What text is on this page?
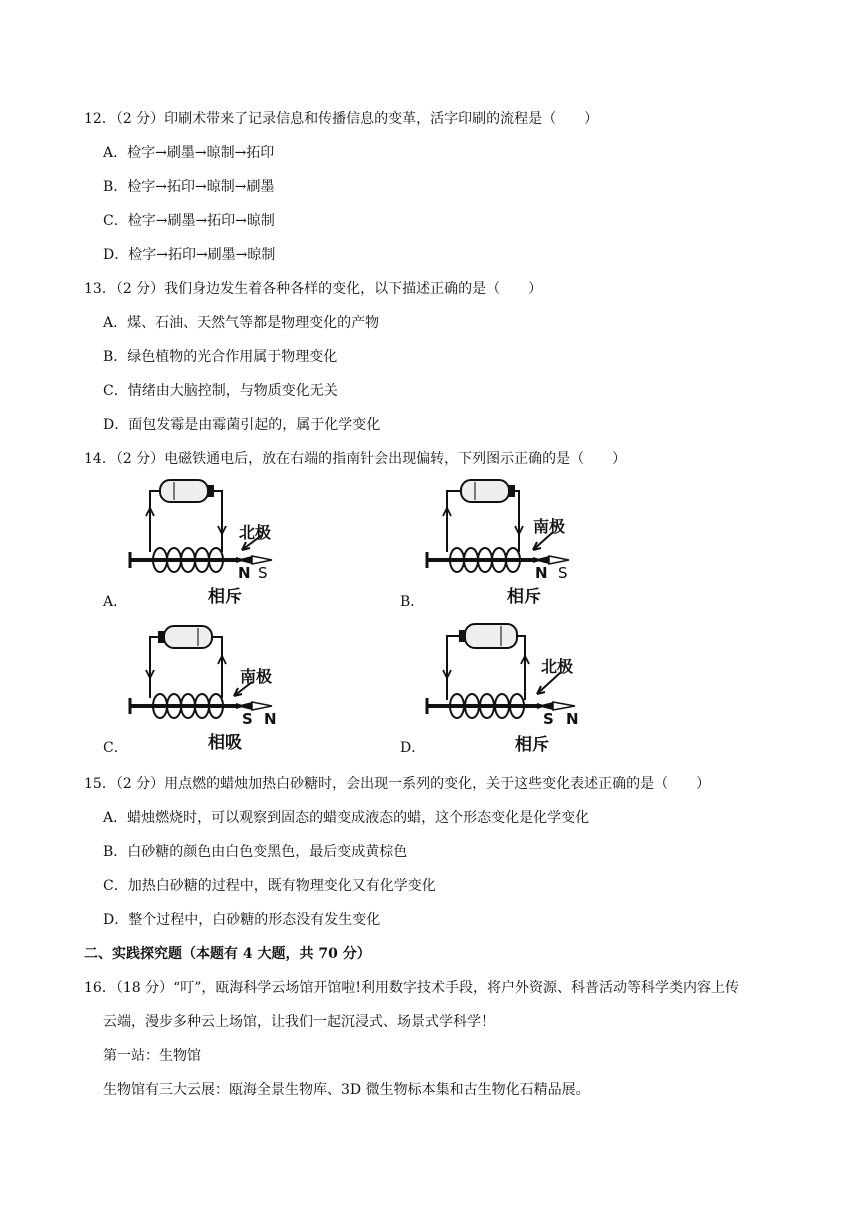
12．（2 分）印刷术带来了记录信息和传播信息的变革，活字印刷的流程是（　　）
A．检字→刷墨→晾制→拓印
B．检字→拓印→晾制→刷墨
C．检字→刷墨→拓印→晾制
D．检字→拓印→刷墨→晾制
13．（2 分）我们身边发生着各种各样的变化，以下描述正确的是（　　）
A．煤、石油、天然气等都是物理变化的产物
B．绿色植物的光合作用属于物理变化
C．情绪由大脑控制，与物质变化无关
D．面包发霉是由霉菌引起的，属于化学变化
14．（2 分）电磁铁通电后，放在右端的指南针会出现偏转，下列图示正确的是（　　）
A．
北极
N S
相斥	B．
南极
N S
相斥
C．
南极
S N
相吸	D．
北极
S N
相斥
15．（2 分）用点燃的蜡烛加热白砂糖时，会出现一系列的变化，关于这些变化表述正确的是（　　）
A．蜡烛燃烧时，可以观察到固态的蜡变成液态的蜡，这个形态变化是化学变化
B．白砂糖的颜色由白色变黑色，最后变成黄棕色
C．加热白砂糖的过程中，既有物理变化又有化学变化
D．整个过程中，白砂糖的形态没有发生变化
二、实践探究题（本题有 4 大题，共 70 分）
16．（18 分）“叮”，瓯海科学云场馆开馆啦!利用数字技术手段，将户外资源、科普活动等科学类内容上传
云端，漫步多种云上场馆，让我们一起沉浸式、场景式学科学！
第一站：生物馆
生物馆有三大云展：瓯海全景生物库、3D 微生物标本集和古生物化石精品展。
